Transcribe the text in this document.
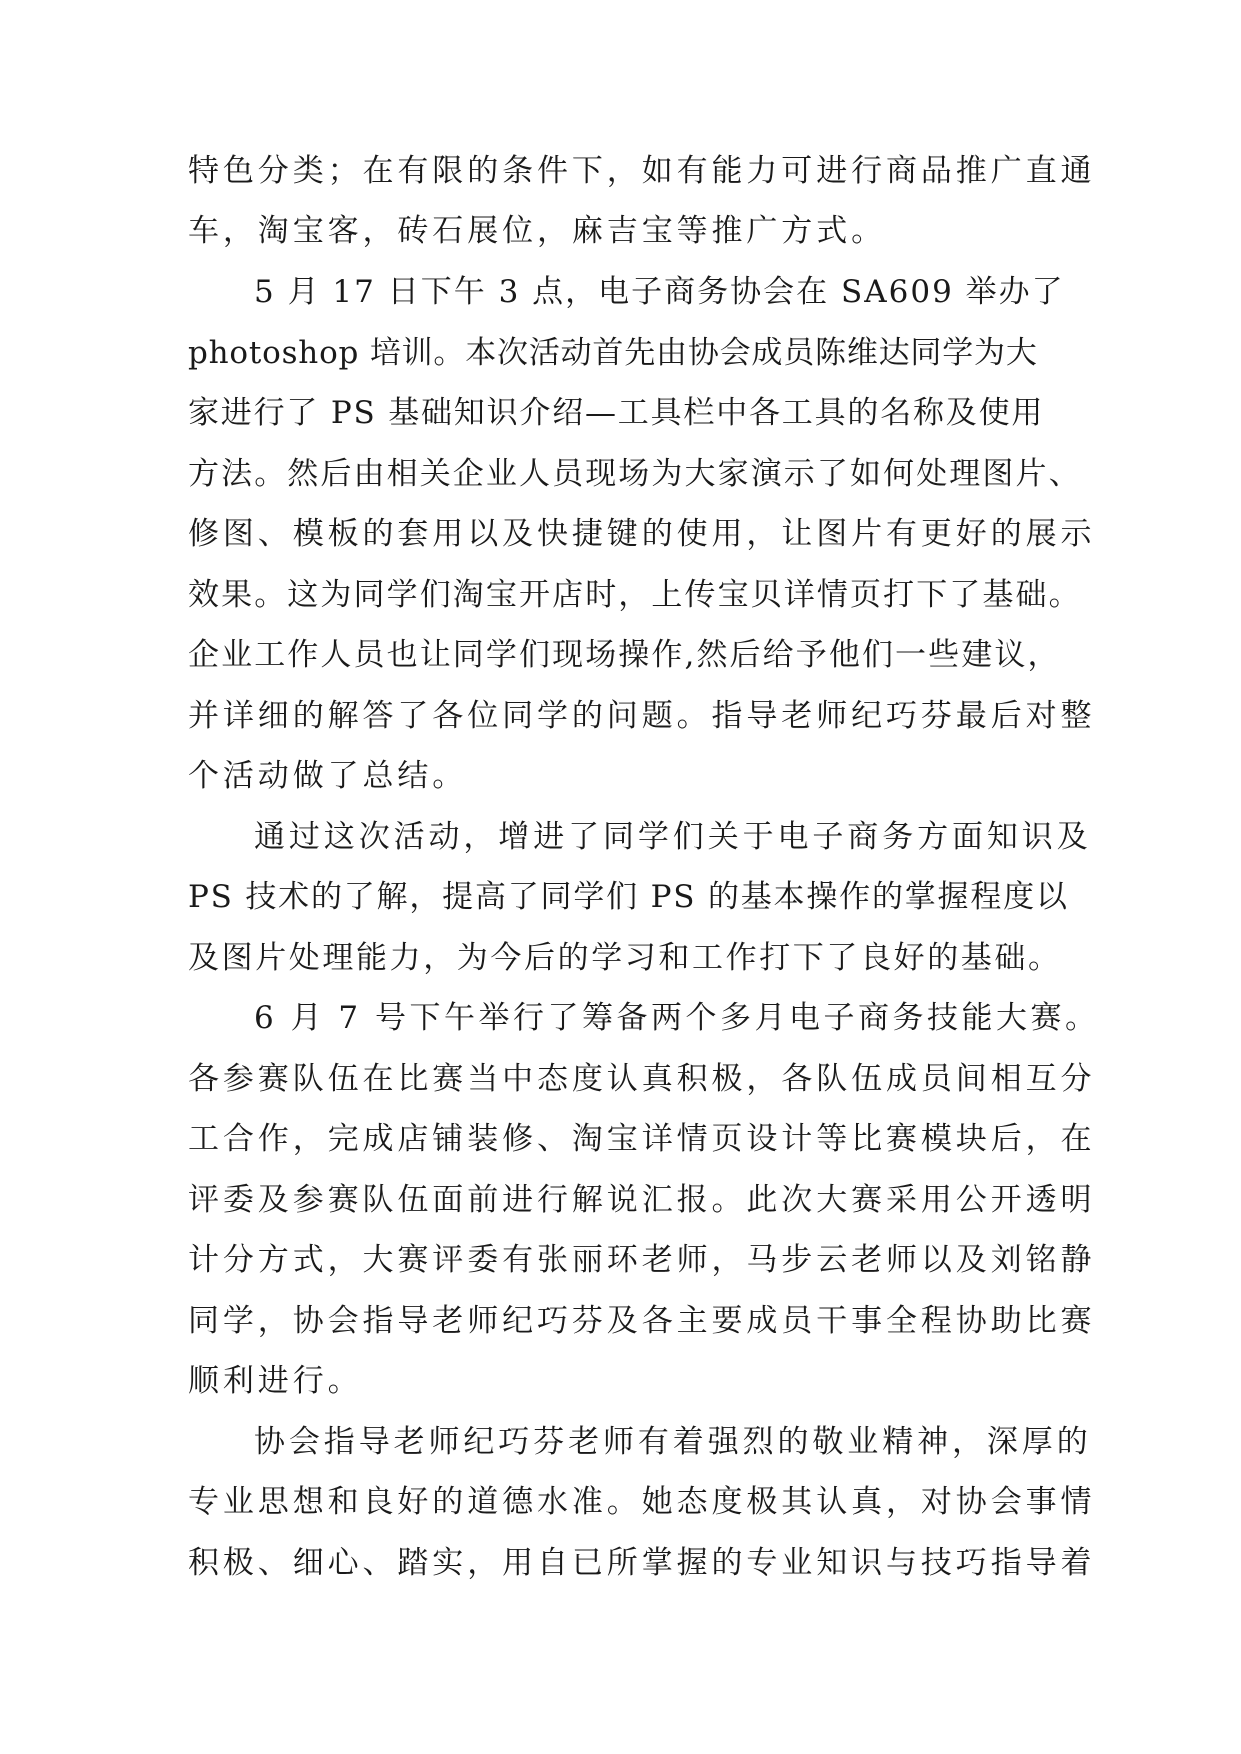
特色分类；在有限的条件下，如有能力可进行商品推广直通
车，淘宝客，砖石展位，麻吉宝等推广方式。
5 月 17 日下午 3 点，电子商务协会在 SA609 举办了
photoshop 培训。本次活动首先由协会成员陈维达同学为大
家进行了 PS 基础知识介绍—工具栏中各工具的名称及使用
方法。然后由相关企业人员现场为大家演示了如何处理图片、
修图、模板的套用以及快捷键的使用，让图片有更好的展示
效果。这为同学们淘宝开店时，上传宝贝详情页打下了基础。
企业工作人员也让同学们现场操作,然后给予他们一些建议，
并详细的解答了各位同学的问题。指导老师纪巧芬最后对整
个活动做了总结。
通过这次活动，增进了同学们关于电子商务方面知识及
PS 技术的了解，提高了同学们 PS 的基本操作的掌握程度以
及图片处理能力，为今后的学习和工作打下了良好的基础。
6 月 7 号下午举行了筹备两个多月电子商务技能大赛。
各参赛队伍在比赛当中态度认真积极，各队伍成员间相互分
工合作，完成店铺装修、淘宝详情页设计等比赛模块后，在
评委及参赛队伍面前进行解说汇报。此次大赛采用公开透明
计分方式，大赛评委有张丽环老师，马步云老师以及刘铭静
同学，协会指导老师纪巧芬及各主要成员干事全程协助比赛
顺利进行。
协会指导老师纪巧芬老师有着强烈的敬业精神，深厚的
专业思想和良好的道德水准。她态度极其认真，对协会事情
积极、细心、踏实，用自已所掌握的专业知识与技巧指导着
